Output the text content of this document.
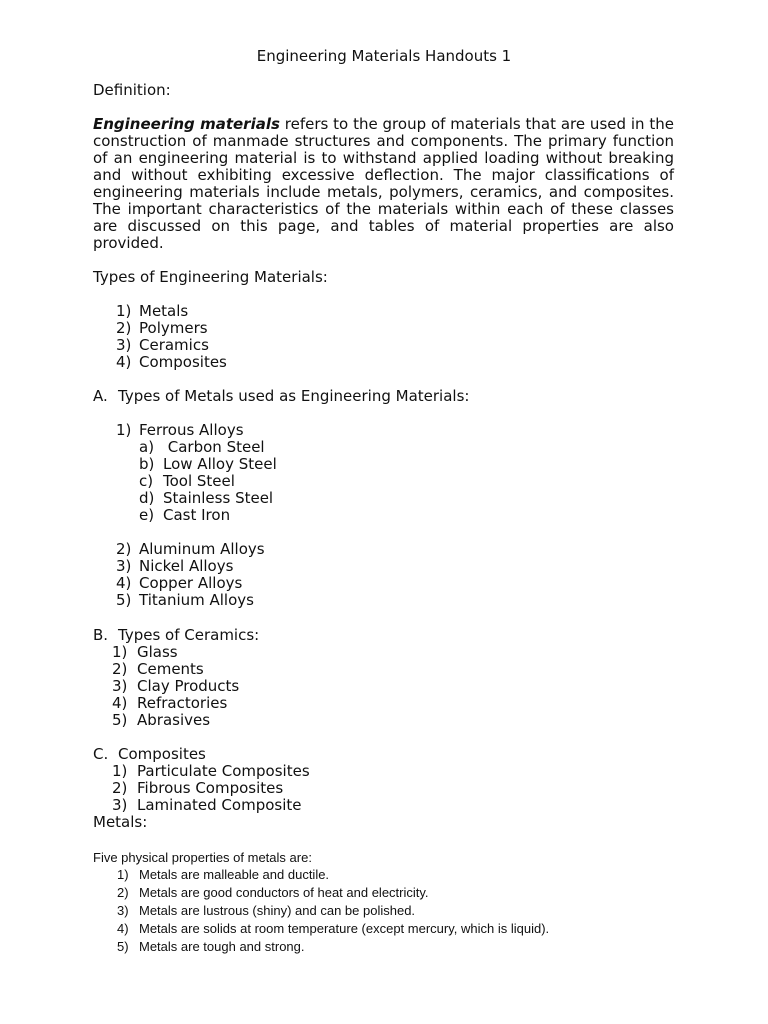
Engineering Materials Handouts 1
Definition:
Engineering materials refers to the group of materials that are used in the construction of manmade structures and components. The primary function of an engineering material is to withstand applied loading without breaking and without exhibiting excessive deflection. The major classifications of engineering materials include metals, polymers, ceramics, and composites. The important characteristics of the materials within each of these classes are discussed on this page, and tables of material properties are also provided.
Types of Engineering Materials:
1) Metals
2) Polymers
3) Ceramics
4) Composites
A. Types of Metals used as Engineering Materials:
1) Ferrous Alloys
a) Carbon Steel
b) Low Alloy Steel
c) Tool Steel
d) Stainless Steel
e) Cast Iron
2) Aluminum Alloys
3) Nickel Alloys
4) Copper Alloys
5) Titanium Alloys
B. Types of Ceramics:
1) Glass
2) Cements
3) Clay Products
4) Refractories
5) Abrasives
C. Composites
1) Particulate Composites
2) Fibrous Composites
3) Laminated Composite
Metals:
Five physical properties of metals are:
1) Metals are malleable and ductile.
2) Metals are good conductors of heat and electricity.
3) Metals are lustrous (shiny) and can be polished.
4) Metals are solids at room temperature (except mercury, which is liquid).
5) Metals are tough and strong.
